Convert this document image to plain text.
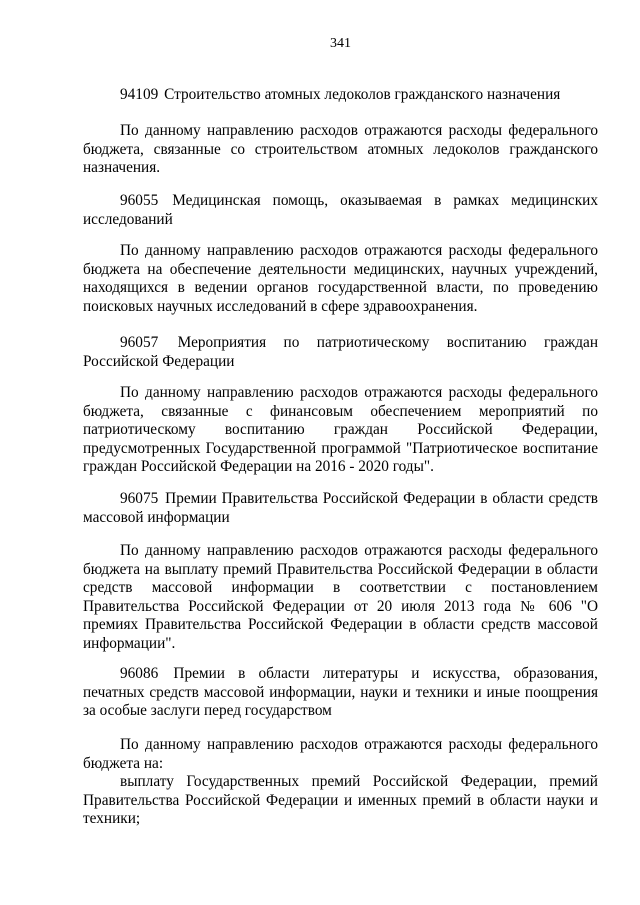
341
94109 Строительство атомных ледоколов гражданского назначения
По данному направлению расходов отражаются расходы федерального бюджета, связанные со строительством атомных ледоколов гражданского назначения.
96055 Медицинская помощь, оказываемая в рамках медицинских исследований
По данному направлению расходов отражаются расходы федерального бюджета на обеспечение деятельности медицинских, научных учреждений, находящихся в ведении органов государственной власти, по проведению поисковых научных исследований в сфере здравоохранения.
96057 Мероприятия по патриотическому воспитанию граждан Российской Федерации
По данному направлению расходов отражаются расходы федерального бюджета, связанные с финансовым обеспечением мероприятий по патриотическому воспитанию граждан Российской Федерации, предусмотренных Государственной программой "Патриотическое воспитание граждан Российской Федерации на 2016 - 2020 годы".
96075 Премии Правительства Российской Федерации в области средств массовой информации
По данному направлению расходов отражаются расходы федерального бюджета на выплату премий Правительства Российской Федерации в области средств массовой информации в соответствии с постановлением Правительства Российской Федерации от 20 июля 2013 года № 606 "О премиях Правительства Российской Федерации в области средств массовой информации".
96086 Премии в области литературы и искусства, образования, печатных средств массовой информации, науки и техники и иные поощрения за особые заслуги перед государством
По данному направлению расходов отражаются расходы федерального бюджета на:
выплату Государственных премий Российской Федерации, премий Правительства Российской Федерации и именных премий в области науки и техники;
